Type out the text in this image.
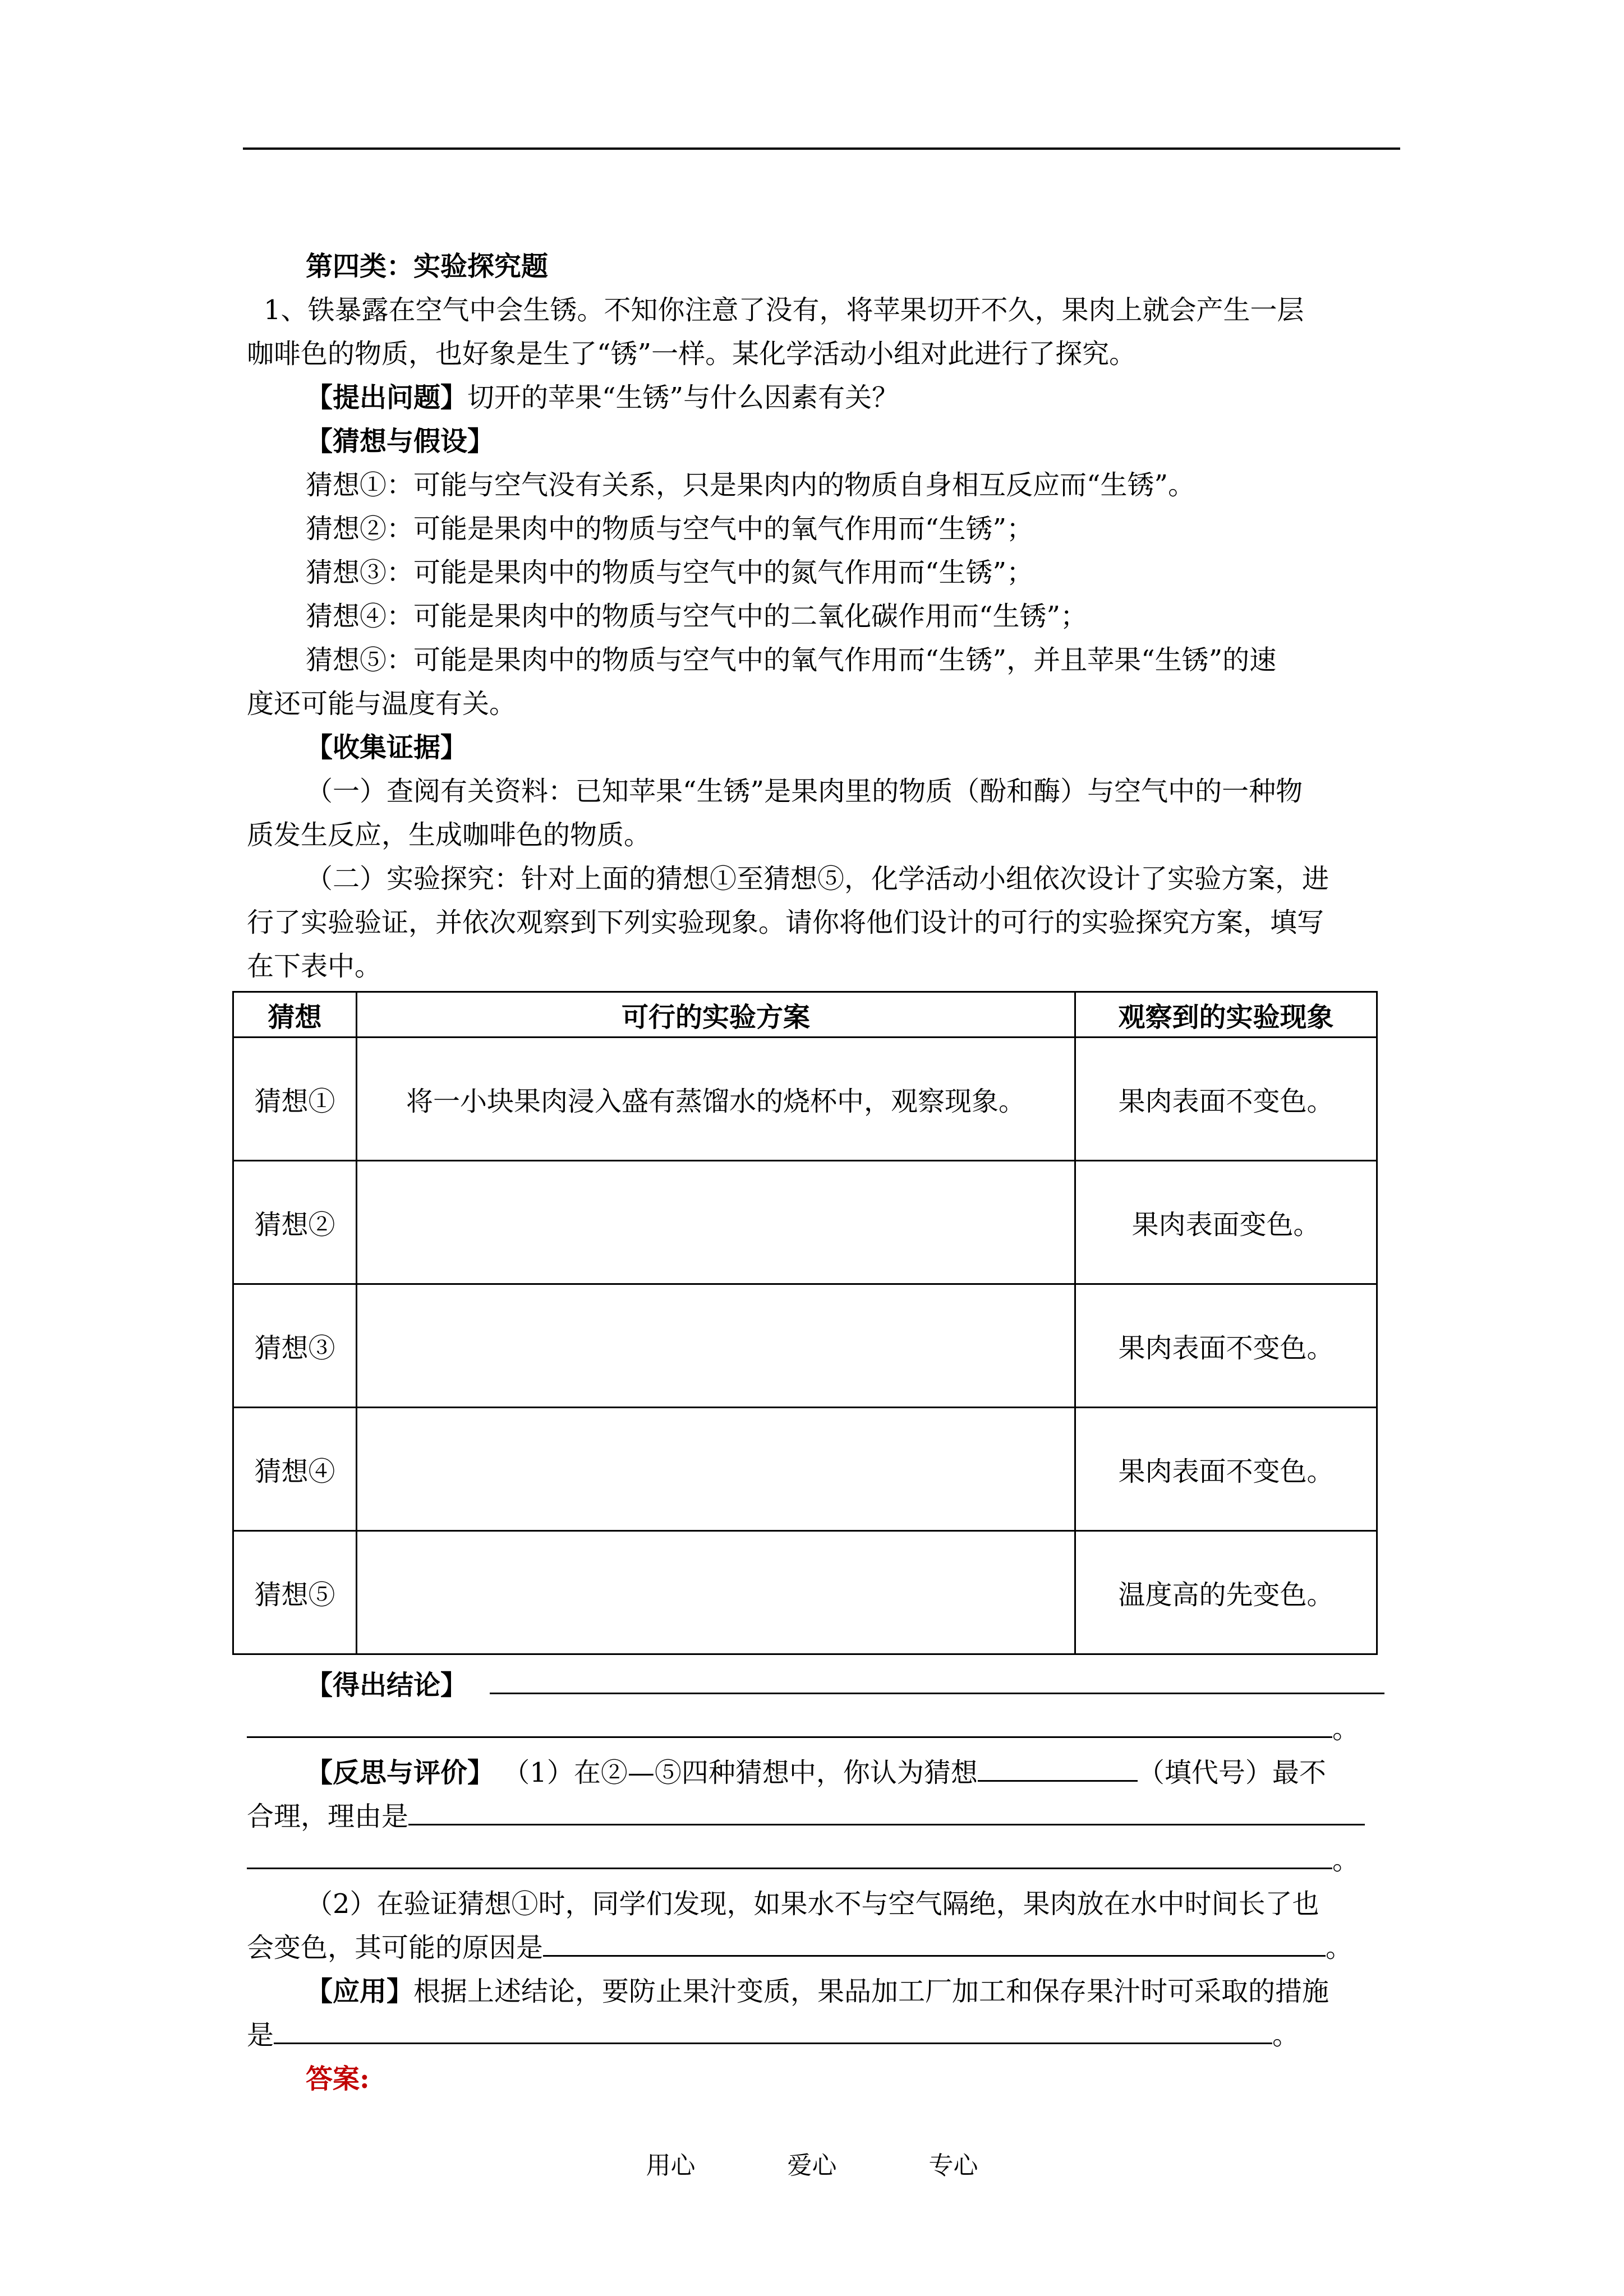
第四类：实验探究题
1、铁暴露在空气中会生锈。不知你注意了没有，将苹果切开不久，果肉上就会产生一层
咖啡色的物质，也好象是生了“锈”一样。某化学活动小组对此进行了探究。
【提出问题】切开的苹果“生锈”与什么因素有关？
【猜想与假设】
猜想①：可能与空气没有关系，只是果肉内的物质自身相互反应而“生锈”。
猜想②：可能是果肉中的物质与空气中的氧气作用而“生锈”；
猜想③：可能是果肉中的物质与空气中的氮气作用而“生锈”；
猜想④：可能是果肉中的物质与空气中的二氧化碳作用而“生锈”；
猜想⑤：可能是果肉中的物质与空气中的氧气作用而“生锈”，并且苹果“生锈”的速
度还可能与温度有关。
【收集证据】
（一）查阅有关资料：已知苹果“生锈”是果肉里的物质（酚和酶）与空气中的一种物
质发生反应，生成咖啡色的物质。
（二）实验探究：针对上面的猜想①至猜想⑤，化学活动小组依次设计了实验方案，进
行了实验验证，并依次观察到下列实验现象。请你将他们设计的可行的实验探究方案，填写
在下表中。
猜想	可行的实验方案	观察到的实验现象
猜想①	将一小块果肉浸入盛有蒸馏水的烧杯中，观察现象。	果肉表面不变色。
猜想②		果肉表面变色。
猜想③		果肉表面不变色。
猜想④		果肉表面不变色。
猜想⑤		温度高的先变色。
【得出结论】
。
【反思与评价】 （1）在②—⑤四种猜想中，你认为猜想	（填代号）最不
合理，理由是
。
（2）在验证猜想①时，同学们发现，如果水不与空气隔绝，果肉放在水中时间长了也
会变色，其可能的原因是	。
【应用】根据上述结论，要防止果汁变质，果品加工厂加工和保存果汁时可采取的措施
是	。
答案:
用心	爱心	专心
